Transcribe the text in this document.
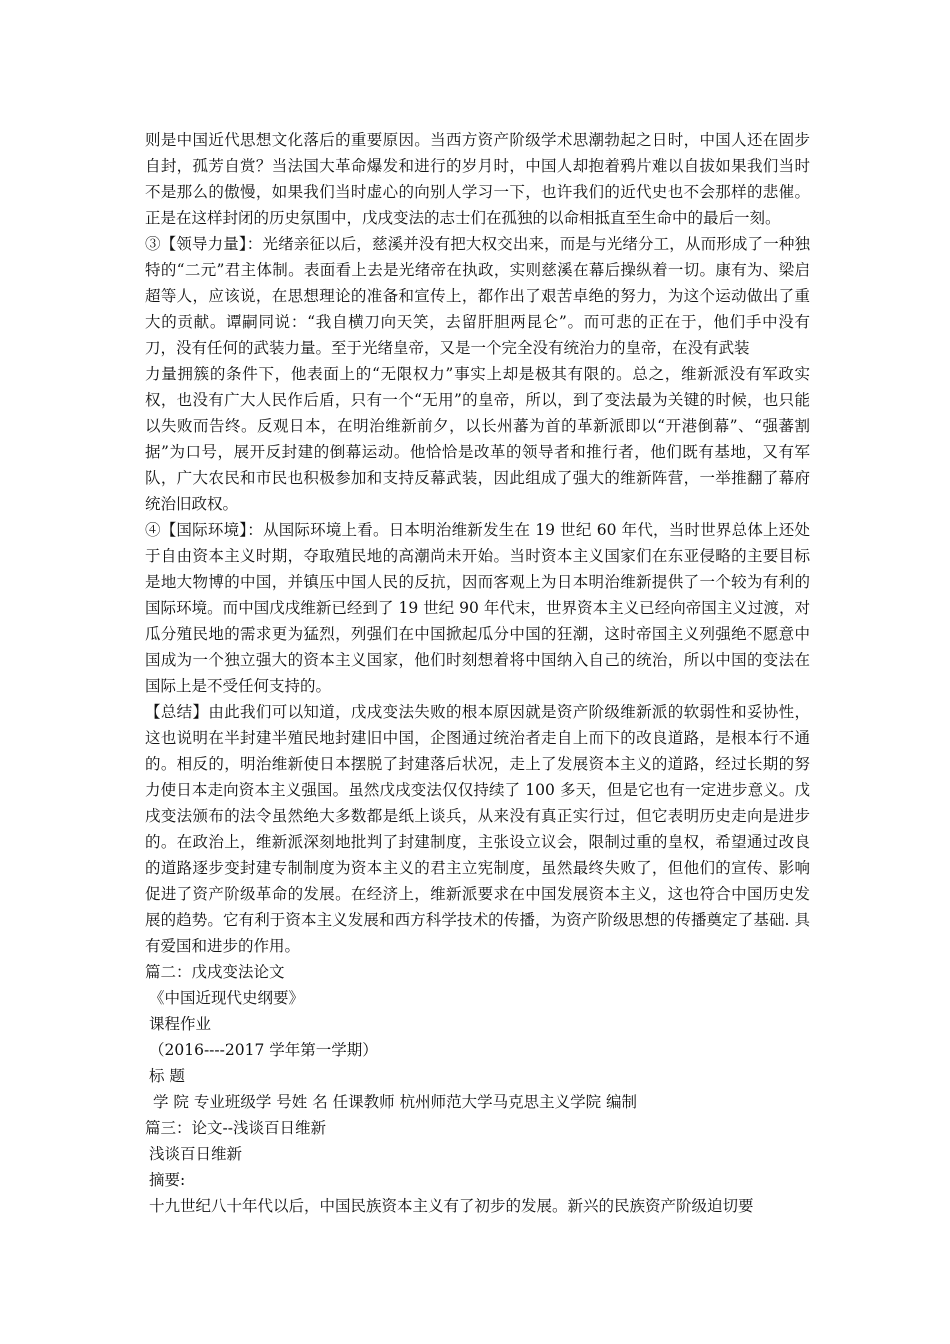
则是中国近代思想文化落后的重要原因。当西方资产阶级学术思潮勃起之日时，中国人还在固步自封，孤芳自赏？当法国大革命爆发和进行的岁月时，中国人却抱着鸦片难以自拔如果我们当时不是那么的傲慢，如果我们当时虚心的向别人学习一下，也许我们的近代史也不会那样的悲催。正是在这样封闭的历史氛围中，戊戌变法的志士们在孤独的以命相抵直至生命中的最后一刻。

③【领导力量】：光绪亲征以后，慈溪并没有把大权交出来，而是与光绪分工，从而形成了一种独特的“二元”君主体制。表面看上去是光绪帝在执政，实则慈溪在幕后操纵着一切。康有为、梁启超等人，应该说，在思想理论的准备和宣传上，都作出了艰苦卓绝的努力，为这个运动做出了重大的贡献。谭嗣同说：“我自横刀向天笑，去留肝胆两昆仑”。而可悲的正在于，他们手中没有刀，没有任何的武装力量。至于光绪皇帝，又是一个完全没有统治力的皇帝，在没有武装

力量拥簇的条件下，他表面上的“无限权力”事实上却是极其有限的。总之，维新派没有军政实权，也没有广大人民作后盾，只有一个“无用”的皇帝，所以，到了变法最为关键的时候，也只能以失败而告终。反观日本，在明治维新前夕，以长州蕃为首的革新派即以“开港倒幕”、“强蕃割据”为口号，展开反封建的倒幕运动。他恰恰是改革的领导者和推行者，他们既有基地，又有军队，广大农民和市民也积极参加和支持反幕武装，因此组成了强大的维新阵营，一举推翻了幕府统治旧政权。

④【国际环境】：从国际环境上看。日本明治维新发生在 19 世纪 60 年代，当时世界总体上还处于自由资本主义时期，夺取殖民地的高潮尚未开始。当时资本主义国家们在东亚侵略的主要目标是地大物博的中国，并镇压中国人民的反抗，因而客观上为日本明治维新提供了一个较为有利的国际环境。而中国戊戌维新已经到了 19 世纪 90 年代末，世界资本主义已经向帝国主义过渡，对瓜分殖民地的需求更为猛烈，列强们在中国掀起瓜分中国的狂潮，这时帝国主义列强绝不愿意中国成为一个独立强大的资本主义国家，他们时刻想着将中国纳入自己的统治，所以中国的变法在国际上是不受任何支持的。

【总结】由此我们可以知道，戊戌变法失败的根本原因就是资产阶级维新派的软弱性和妥协性，这也说明在半封建半殖民地封建旧中国，企图通过统治者走自上而下的改良道路，是根本行不通的。相反的，明治维新使日本摆脱了封建落后状况，走上了发展资本主义的道路，经过长期的努力使日本走向资本主义强国。虽然戊戌变法仅仅持续了 100 多天，但是它也有一定进步意义。戊戌变法颁布的法令虽然绝大多数都是纸上谈兵，从来没有真正实行过，但它表明历史走向是进步的。在政治上，维新派深刻地批判了封建制度，主张设立议会，限制过重的皇权，希望通过改良的道路逐步变封建专制制度为资本主义的君主立宪制度，虽然最终失败了，但他们的宣传、影响促进了资产阶级革命的发展。在经济上，维新派要求在中国发展资本主义，这也符合中国历史发展的趋势。它有利于资本主义发展和西方科学技术的传播，为资产阶级思想的传播奠定了基础. 具有爱国和进步的作用。

篇二：戊戌变法论文

《中国近现代史纲要》

课程作业

（2016----2017 学年第一学期）

标 题

学 院 专业班级学 号姓 名 任课教师 杭州师范大学马克思主义学院 编制

篇三：论文--浅谈百日维新

浅谈百日维新

摘要:

十九世纪八十年代以后，中国民族资本主义有了初步的发展。新兴的民族资产阶级迫切要
